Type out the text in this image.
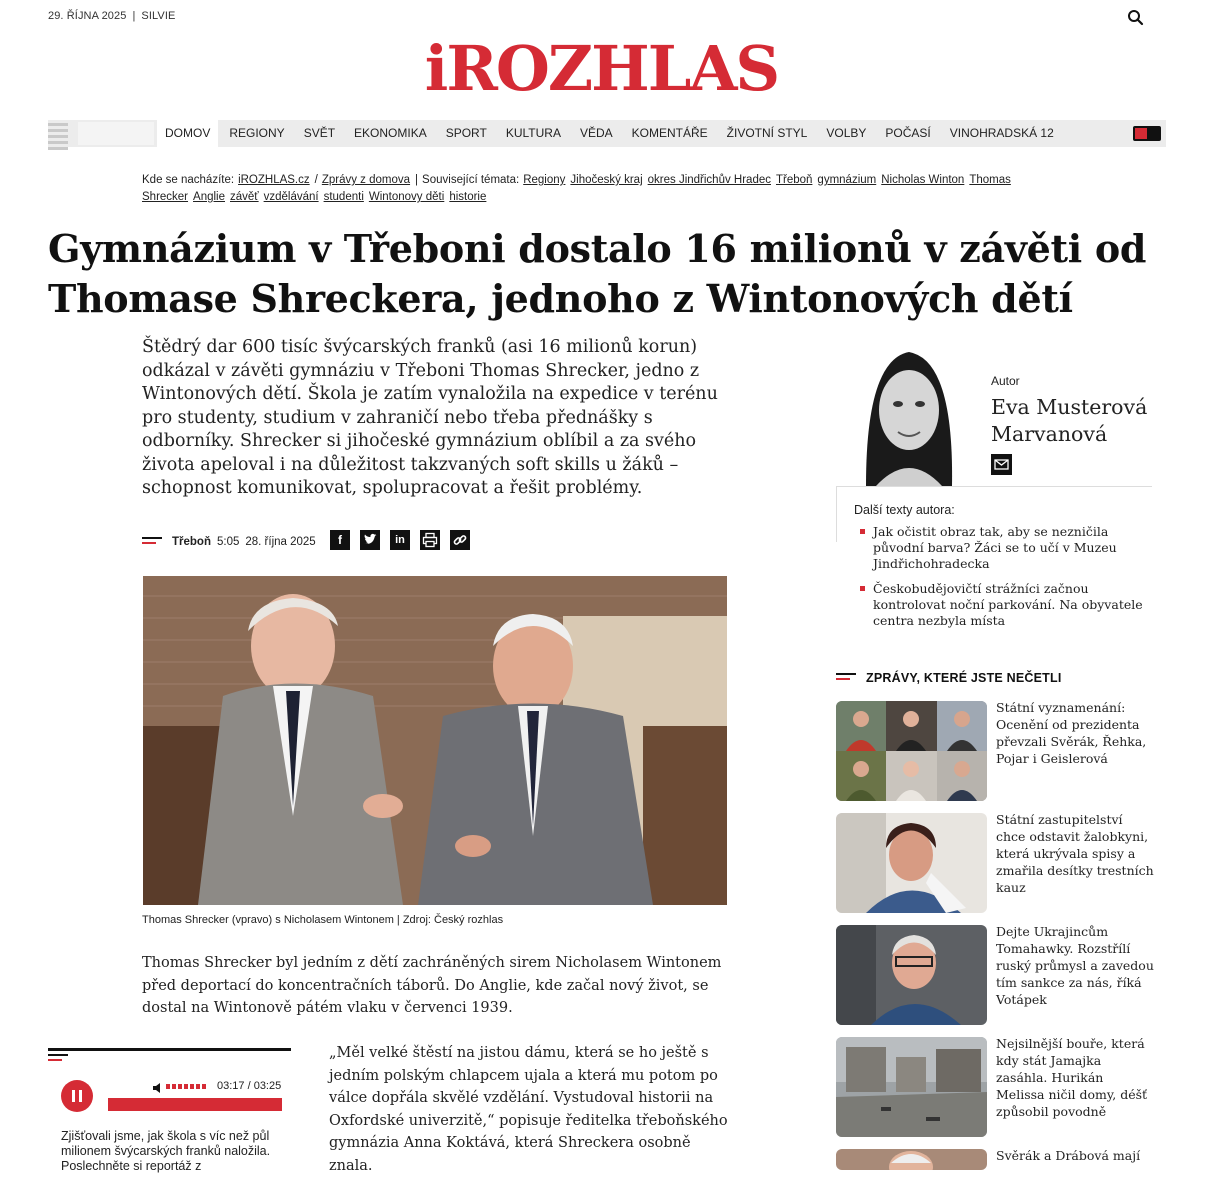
29. ŘÍJNA 2025 | SILVIE
iROZHLAS
DOMOV	REGIONY	SVĚT	EKONOMIKA	SPORT	KULTURA	VĚDA	KOMENTÁŘE	ŽIVOTNÍ STYL	VOLBY	POČASÍ	VINOHRADSKÁ 12
Kde se nacházíte: iROZHLAS.cz / Zprávy z domova | Související témata: Regiony Jihočeský kraj okres Jindřichův Hradec Třeboň gymnázium Nicholas Winton Thomas Shrecker Anglie závěť vzdělávání studenti Wintonovy děti historie
Gymnázium v Třeboni dostalo 16 milionů v závěti od Thomase Shreckera, jednoho z Wintonových dětí

Štědrý dar 600 tisíc švýcarských franků (asi 16 milionů korun) odkázal v závěti gymnáziu v Třeboni Thomas Shrecker, jedno z Wintonových dětí. Škola je zatím vynaložila na expedice v terénu pro studenty, studium v zahraničí nebo třeba přednášky s odborníky. Shrecker si jihočeské gymnázium oblíbil a za svého života apeloval i na důležitost takzvaných soft skills u žáků – schopnost komunikovat, spolupracovat a řešit problémy.

Třeboň 5:05 28. října 2025	f	in
Thomas Shrecker (vpravo) s Nicholasem Wintonem | Zdroj: Český rozhlas

Thomas Shrecker byl jedním z dětí zachráněných sirem Nicholasem Wintonem před deportací do koncentračních táborů. Do Anglie, kde začal nový život, se dostal na Wintonově pátém vlaku v červenci 1939.

„Měl velké štěstí na jistou dámu, která se ho ještě s jedním polským chlapcem ujala a která mu potom po válce dopřála skvělé vzdělání. Vystudoval historii na Oxfordské univerzitě,“ popisuje ředitelka třeboňského gymnázia Anna Koktává, která Shreckera osobně znala.

03:17 / 03:25
Zjišťovali jsme, jak škola s víc než půl milionem švýcarských franků naložila. Poslechněte si reportáž z
Autor
Eva Musterová Marvanová
Další texty autora:
Jak očistit obraz tak, aby se nezničila původní barva? Žáci se to učí v Muzeu Jindřichohradecka
Českobudějovičtí strážníci začnou kontrolovat noční parkování. Na obyvatele centra nezbyla místa
ZPRÁVY, KTERÉ JSTE NEČETLI
Státní vyznamenání: Ocenění od prezidenta převzali Svěrák, Řehka, Pojar i Geislerová
Státní zastupitelství chce odstavit žalobkyni, která ukrývala spisy a zmařila desítky trestních kauz
Dejte Ukrajincům Tomahawky. Rozstřílí ruský průmysl a zavedou tím sankce za nás, říká Votápek
Nejsilnější bouře, která kdy stát Jamajka zasáhla. Hurikán Melissa ničil domy, déšť způsobil povodně
Svěrák a Drábová mají
